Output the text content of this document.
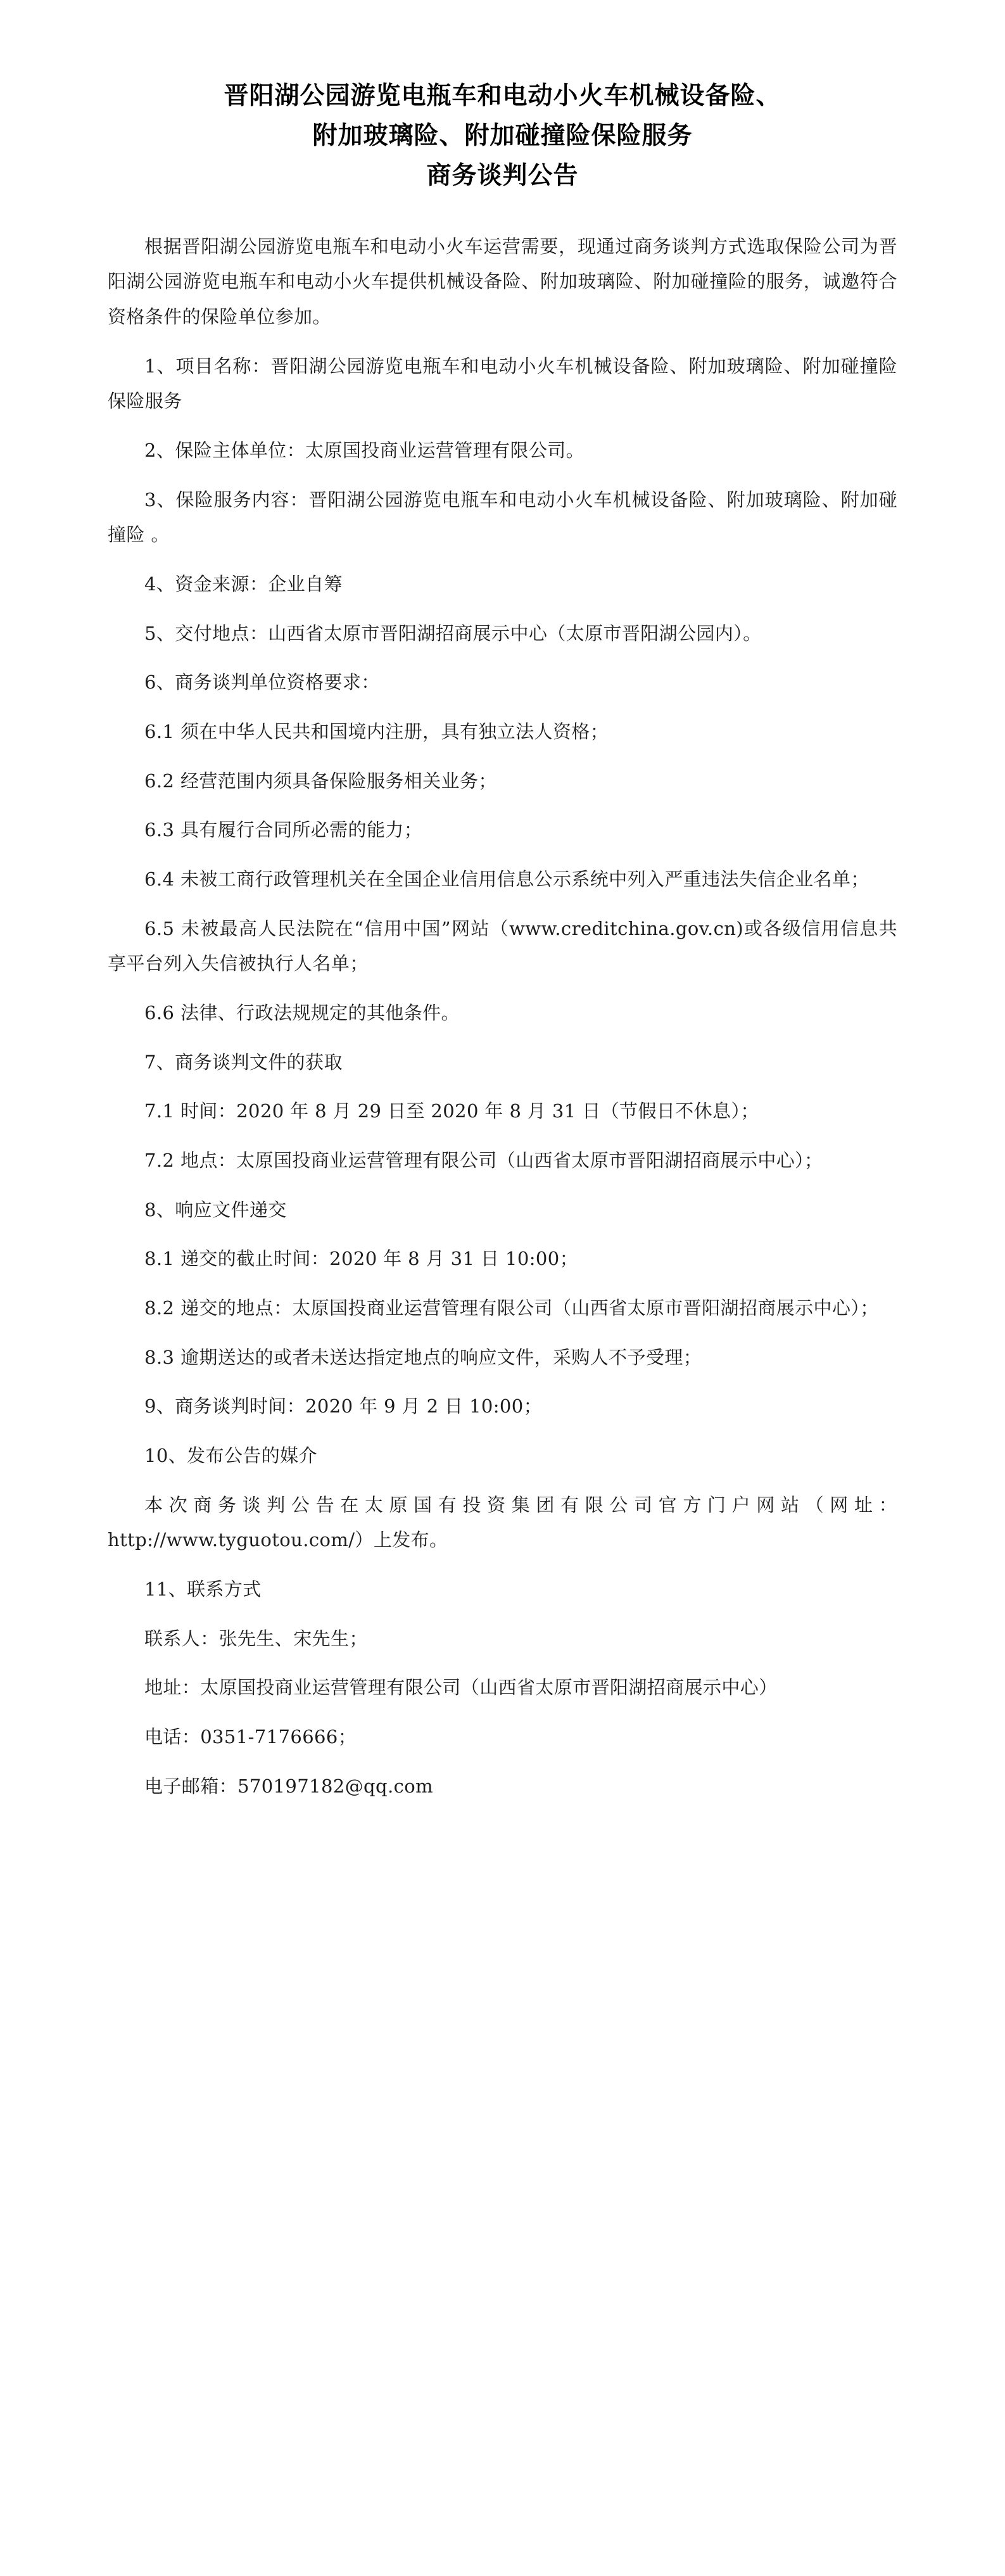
晋阳湖公园游览电瓶车和电动小火车机械设备险、
附加玻璃险、附加碰撞险保险服务
商务谈判公告

根据晋阳湖公园游览电瓶车和电动小火车运营需要，现通过商务谈判方式选取保险公司为晋阳湖公园游览电瓶车和电动小火车提供机械设备险、附加玻璃险、附加碰撞险的服务，诚邀符合资格条件的保险单位参加。

1、项目名称：晋阳湖公园游览电瓶车和电动小火车机械设备险、附加玻璃险、附加碰撞险保险服务

2、保险主体单位：太原国投商业运营管理有限公司。

3、保险服务内容：晋阳湖公园游览电瓶车和电动小火车机械设备险、附加玻璃险、附加碰撞险 。

4、资金来源：企业自筹

5、交付地点：山西省太原市晋阳湖招商展示中心（太原市晋阳湖公园内）。

6、商务谈判单位资格要求：

6.1 须在中华人民共和国境内注册，具有独立法人资格；

6.2 经营范围内须具备保险服务相关业务；

6.3 具有履行合同所必需的能力；

6.4 未被工商行政管理机关在全国企业信用信息公示系统中列入严重违法失信企业名单；

6.5 未被最高人民法院在“信用中国”网站（www.creditchina.gov.cn)或各级信用信息共享平台列入失信被执行人名单；

6.6 法律、行政法规规定的其他条件。

7、商务谈判文件的获取

7.1 时间：2020 年 8 月 29 日至 2020 年 8 月 31 日（节假日不休息）；

7.2 地点：太原国投商业运营管理有限公司（山西省太原市晋阳湖招商展示中心）；

8、响应文件递交

8.1 递交的截止时间：2020 年 8 月 31 日 10:00；

8.2 递交的地点：太原国投商业运营管理有限公司（山西省太原市晋阳湖招商展示中心）；

8.3 逾期送达的或者未送达指定地点的响应文件，采购人不予受理；

9、商务谈判时间：2020 年 9 月 2 日 10:00；

10、发布公告的媒介

本次商务谈判公告在太原国有投资集团有限公司官方门户网站（网址：http://www.tyguotou.com/）上发布。

11、联系方式

联系人：张先生、宋先生；

地址：太原国投商业运营管理有限公司（山西省太原市晋阳湖招商展示中心）

电话：0351-7176666；

电子邮箱：570197182@qq.com
